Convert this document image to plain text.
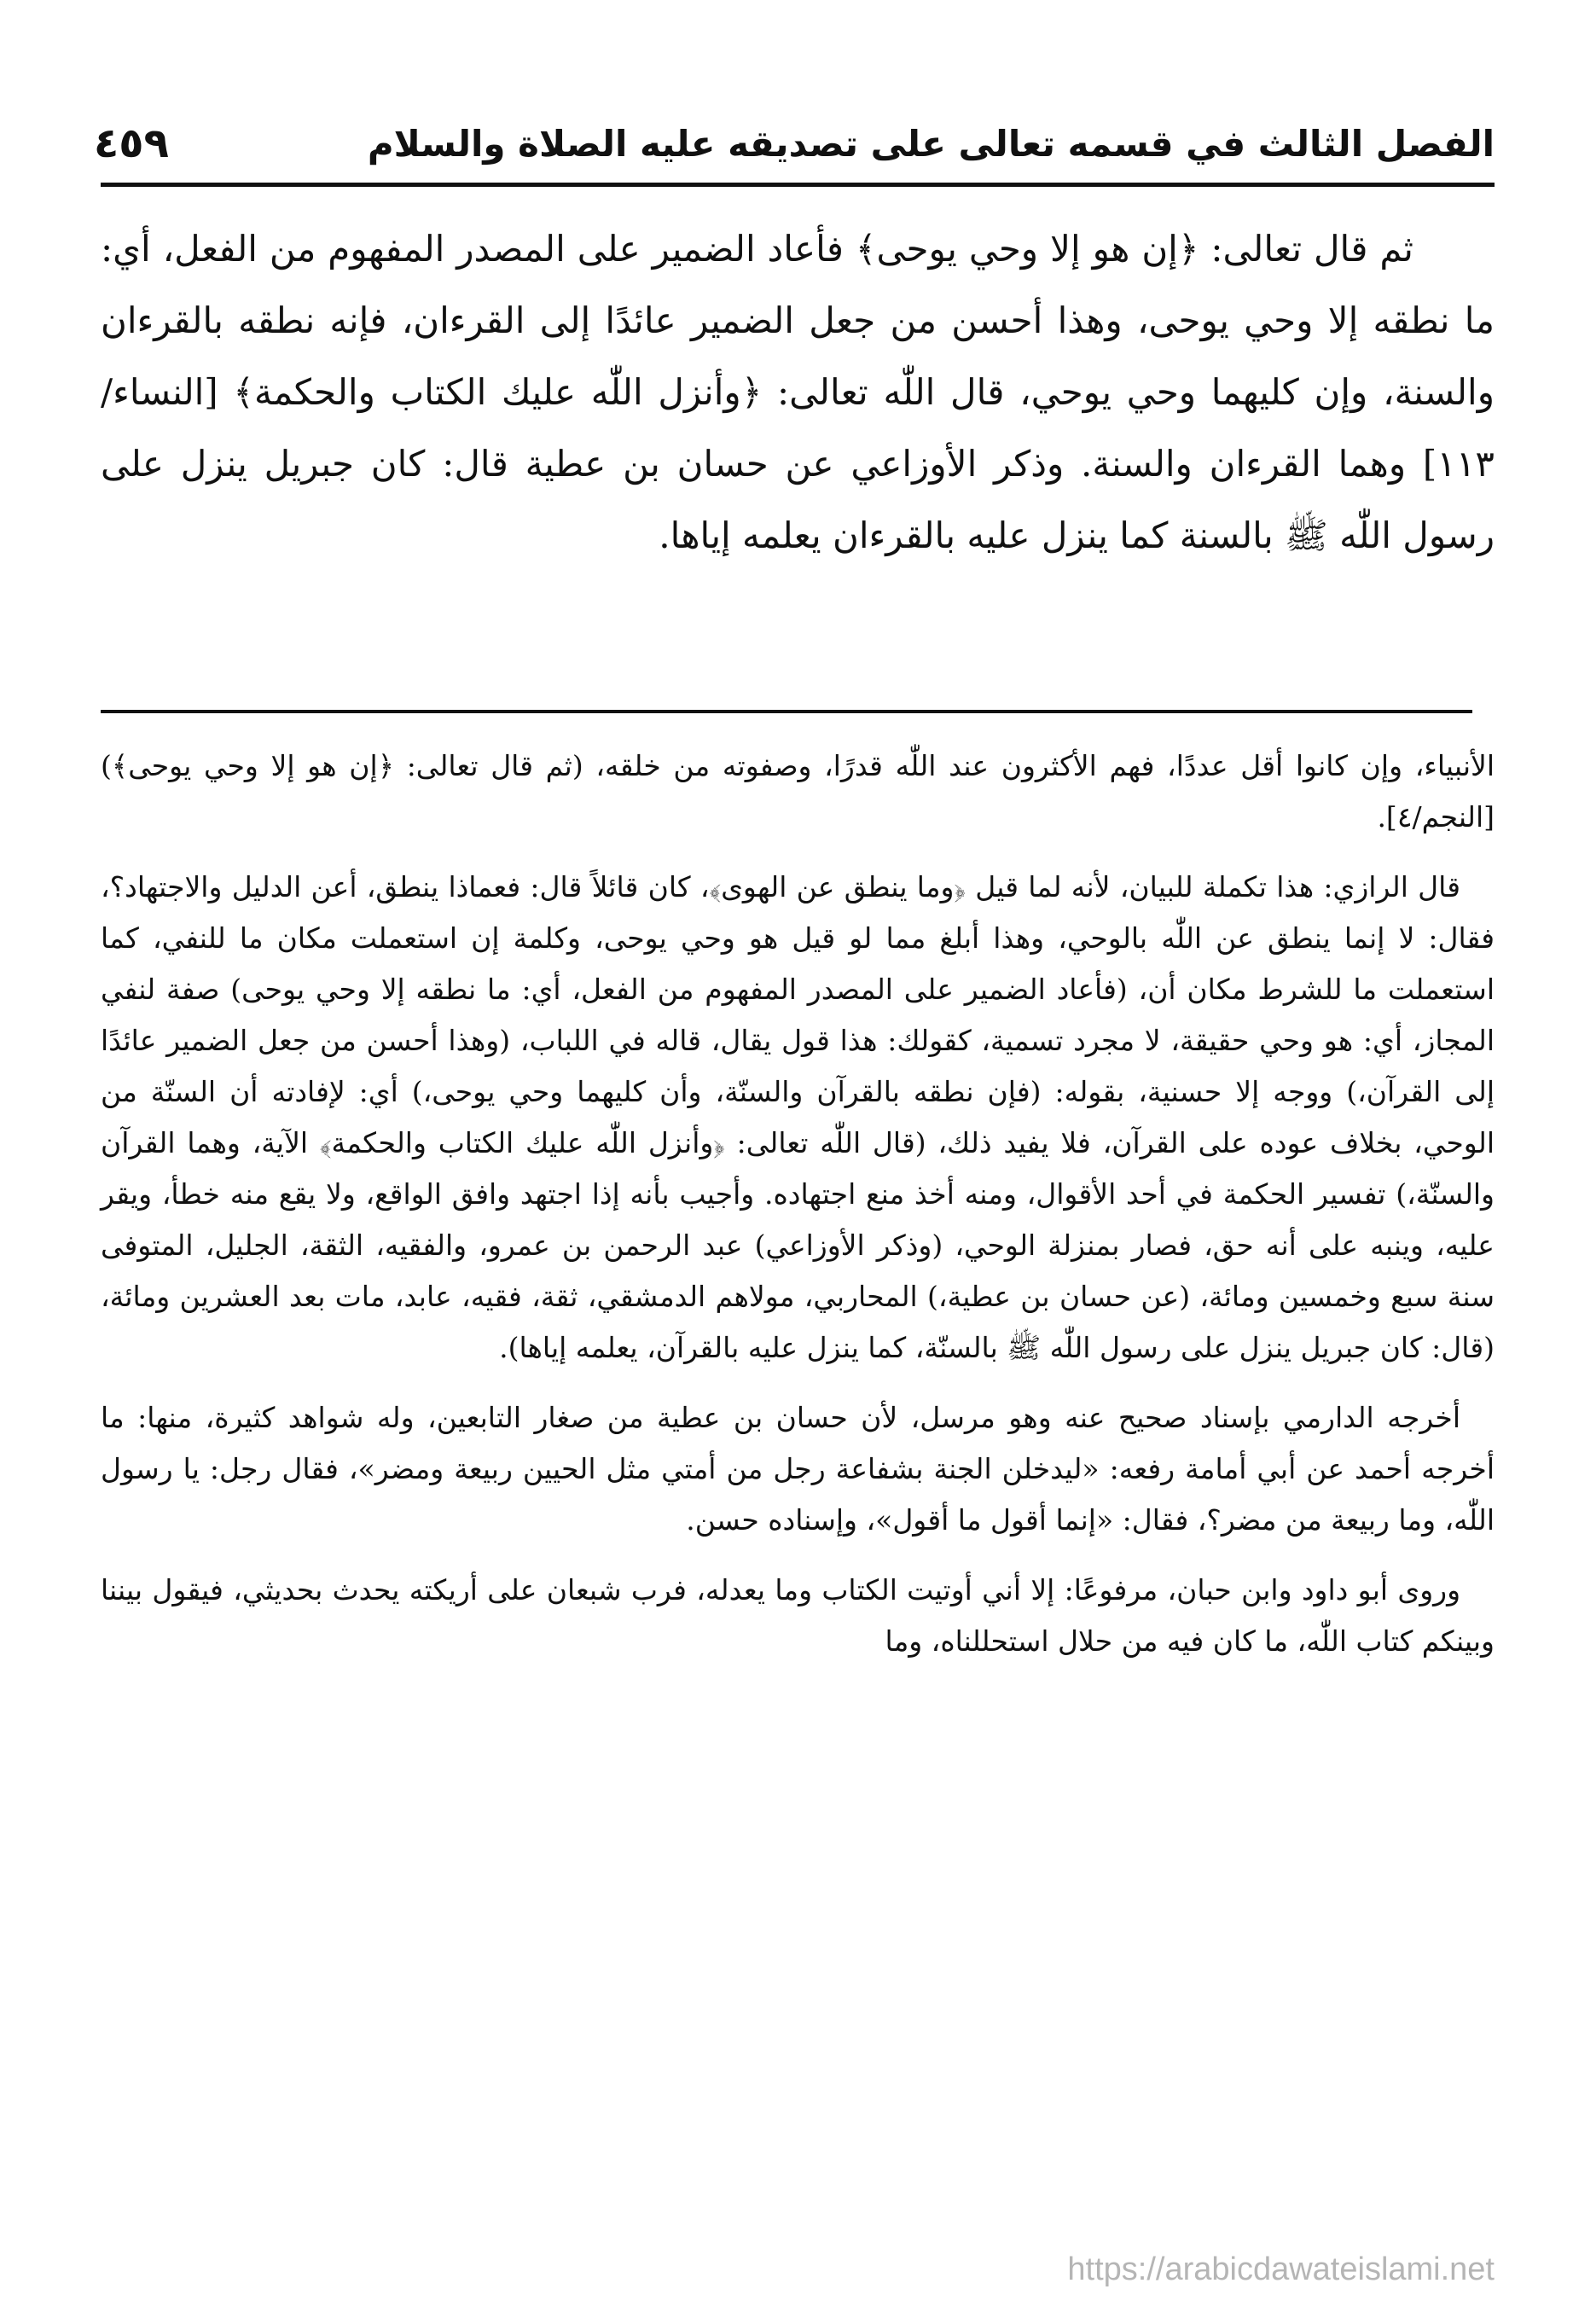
الفصل الثالث في قسمه تعالى على تصديقه عليه الصلاة والسلام
٤٥٩

ثم قال تعالى: ﴿إن هو إلا وحي يوحى﴾ فأعاد الضمير على المصدر المفهوم من الفعل، أي: ما نطقه إلا وحي يوحى، وهذا أحسن من جعل الضمير عائدًا إلى القرءان، فإنه نطقه بالقرءان والسنة، وإن كليهما وحي يوحي، قال اللّٰه تعالى: ﴿وأنزل اللّٰه عليك الكتاب والحكمة﴾ [النساء/١١٣] وهما القرءان والسنة. وذكر الأوزاعي عن حسان بن عطية قال: كان جبريل ينزل على رسول اللّٰه ﷺ بالسنة كما ينزل عليه بالقرءان يعلمه إياها.

الأنبياء، وإن كانوا أقل عددًا، فهم الأكثرون عند اللّٰه قدرًا، وصفوته من خلقه، (ثم قال تعالى: ﴿إن هو إلا وحي يوحى﴾) [النجم/٤].

قال الرازي: هذا تكملة للبيان، لأنه لما قيل ﴿وما ينطق عن الهوى﴾، كان قائلاً قال: فعماذا ينطق، أعن الدليل والاجتهاد؟، فقال: لا إنما ينطق عن اللّٰه بالوحي، وهذا أبلغ مما لو قيل هو وحي يوحى، وكلمة إن استعملت مكان ما للنفي، كما استعملت ما للشرط مكان أن، (فأعاد الضمير على المصدر المفهوم من الفعل، أي: ما نطقه إلا وحي يوحى) صفة لنفي المجاز، أي: هو وحي حقيقة، لا مجرد تسمية، كقولك: هذا قول يقال، قاله في اللباب، (وهذا أحسن من جعل الضمير عائدًا إلى القرآن،) ووجه إلا حسنية، بقوله: (فإن نطقه بالقرآن والسنّة، وأن كليهما وحي يوحى،) أي: لإفادته أن السنّة من الوحي، بخلاف عوده على القرآن، فلا يفيد ذلك، (قال اللّٰه تعالى: ﴿وأنزل اللّٰه عليك الكتاب والحكمة﴾ الآية، وهما القرآن والسنّة،) تفسير الحكمة في أحد الأقوال، ومنه أخذ منع اجتهاده. وأجيب بأنه إذا اجتهد وافق الواقع، ولا يقع منه خطأ، ويقر عليه، وينبه على أنه حق، فصار بمنزلة الوحي، (وذكر الأوزاعي) عبد الرحمن بن عمرو، والفقيه، الثقة، الجليل، المتوفى سنة سبع وخمسين ومائة، (عن حسان بن عطية،) المحاربي، مولاهم الدمشقي، ثقة، فقيه، عابد، مات بعد العشرين ومائة، (قال: كان جبريل ينزل على رسول اللّٰه ﷺ بالسنّة، كما ينزل عليه بالقرآن، يعلمه إياها).

أخرجه الدارمي بإسناد صحيح عنه وهو مرسل، لأن حسان بن عطية من صغار التابعين، وله شواهد كثيرة، منها: ما أخرجه أحمد عن أبي أمامة رفعه: «ليدخلن الجنة بشفاعة رجل من أمتي مثل الحيين ربيعة ومضر»، فقال رجل: يا رسول اللّٰه، وما ربيعة من مضر؟، فقال: «إنما أقول ما أقول»، وإسناده حسن.

وروى أبو داود وابن حبان، مرفوعًا: إلا أني أوتيت الكتاب وما يعدله، فرب شبعان على أريكته يحدث بحديثي، فيقول بيننا وبينكم كتاب اللّٰه، ما كان فيه من حلال استحللناه، وما

https://arabicdawateislami.net
